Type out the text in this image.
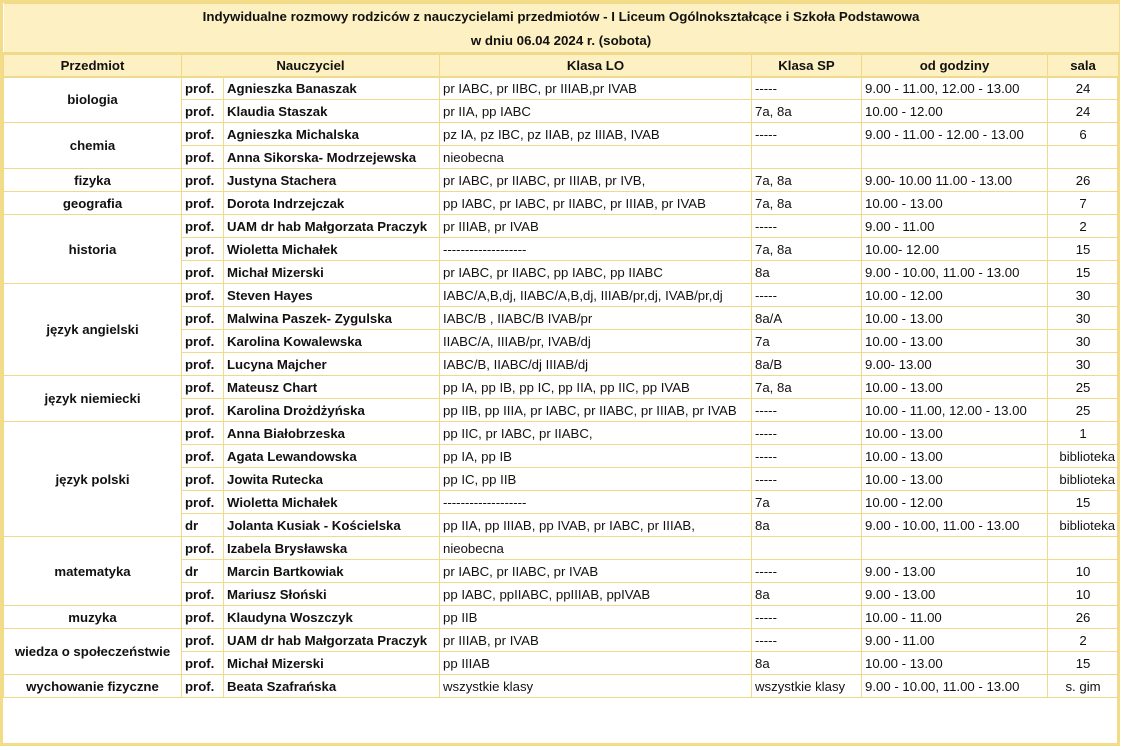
Indywidualne rozmowy rodziców z nauczycielami przedmiotów - I Liceum Ogólnokształcące i Szkoła Podstawowa						
w dniu 06.04 2024 r. (sobota)						
Przedmiot	Nauczyciel		Klasa LO	Klasa SP	od godziny	sala
biologia	prof.	Agnieszka Banaszak	pr IABC, pr IIBC, pr IIIAB,pr IVAB	-----	9.00 - 11.00, 12.00 - 13.00	24
	prof.	Klaudia Staszak	pr IIA, pp IABC	7a, 8a	10.00 - 12.00	24
chemia	prof.	Agnieszka Michalska	pz IA, pz IBC, pz IIAB, pz IIIAB, IVAB	-----	9.00 - 11.00 - 12.00 - 13.00	6
	prof.	Anna Sikorska- Modrzejewska	nieobecna			
fizyka	prof.	Justyna Stachera	pr IABC, pr IIABC, pr IIIAB, pr IVB,	7a, 8a	9.00- 10.00 11.00 - 13.00	26
geografia	prof.	Dorota Indrzejczak	pp IABC, pr IABC, pr IIABC, pr IIIAB, pr IVAB	7a, 8a	10.00 - 13.00	7
historia	prof.	UAM dr hab Małgorzata Praczyk	pr IIIAB, pr IVAB	-----	9.00 - 11.00	2
	prof.	Wioletta Michałek	-------------------	7a, 8a	10.00- 12.00	15
	prof.	Michał Mizerski	pr IABC, pr IIABC, pp IABC, pp IIABC	8a	9.00 - 10.00, 11.00 - 13.00	15
język angielski	prof.	Steven Hayes	IABC/A,B,dj, IIABC/A,B,dj, IIIAB/pr,dj, IVAB/pr,dj	-----	10.00 - 12.00	30
	prof.	Malwina Paszek- Zygulska	IABC/B , IIABC/B IVAB/pr	8a/A	10.00 - 13.00	30
	prof.	Karolina Kowalewska	IIABC/A, IIIAB/pr, IVAB/dj	7a	10.00 - 13.00	30
	prof.	Lucyna Majcher	IABC/B, IIABC/dj IIIAB/dj	8a/B	9.00- 13.00	30
język niemiecki	prof.	Mateusz Chart	pp IA, pp IB, pp IC, pp IIA, pp IIC, pp IVAB	7a, 8a	10.00 - 13.00	25
	prof.	Karolina Drożdżyńska	pp IIB, pp IIIA, pr IABC, pr IIABC, pr IIIAB, pr IVAB	-----	10.00 - 11.00, 12.00 - 13.00	25
język polski	prof.	Anna Białobrzeska	pp IIC, pr IABC, pr IIABC,	-----	10.00 - 13.00	1
	prof.	Agata Lewandowska	pp IA, pp IB	-----	10.00 - 13.00	biblioteka
	prof.	Jowita Rutecka	pp IC, pp IIB	-----	10.00 - 13.00	biblioteka
	prof.	Wioletta Michałek	-------------------	7a	10.00 - 12.00	15
	dr	Jolanta Kusiak - Kościelska	pp IIA, pp IIIAB, pp IVAB, pr IABC, pr IIIAB,	8a	9.00 - 10.00, 11.00 - 13.00	biblioteka
matematyka	prof.	Izabela Brysławska	nieobecna			
	dr	Marcin Bartkowiak	pr IABC, pr IIABC, pr IVAB	-----	9.00 - 13.00	10
	prof.	Mariusz Słoński	pp IABC, ppIIABC, ppIIIAB, ppIVAB	8a	9.00 - 13.00	10
muzyka	prof.	Klaudyna Woszczyk	pp IIB	-----	10.00 - 11.00	26
wiedza o społeczeństwie	prof.	UAM dr hab Małgorzata Praczyk	pr IIIAB, pr IVAB	-----	9.00 - 11.00	2
	prof.	Michał Mizerski	pp IIIAB	8a	10.00 - 13.00	15
wychowanie fizyczne	prof.	Beata Szafrańska	wszystkie klasy	wszystkie klasy	9.00 - 10.00, 11.00 - 13.00	s. gim
